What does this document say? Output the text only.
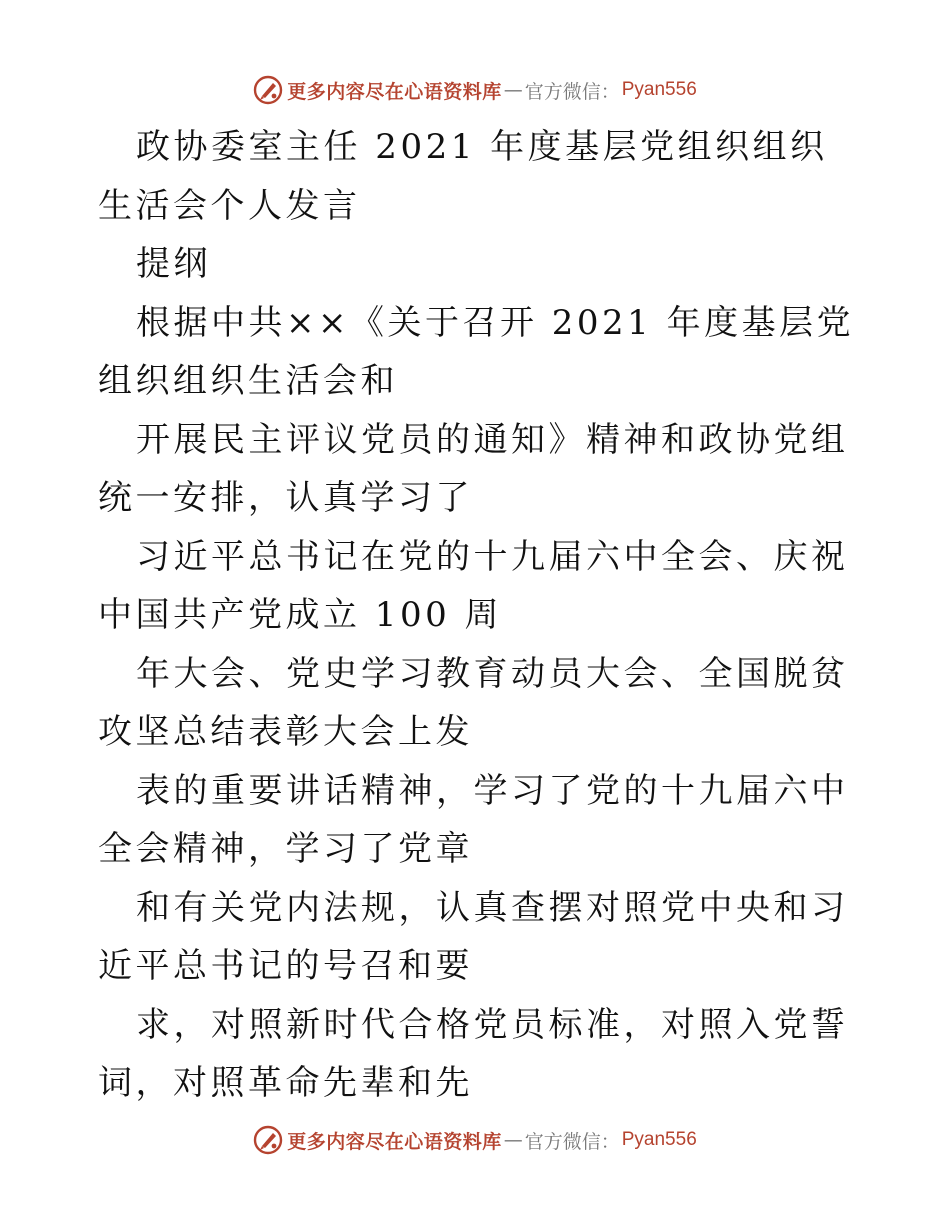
更多内容尽在心语资料库 — 官方微信： Pyan556

政协委室主任 2021 年度基层党组织组织生活会个人发言

提纲

根据中共××《关于召开 2021 年度基层党组织组织生活会和

开展民主评议党员的通知》精神和政协党组统一安排，认真学习了

习近平总书记在党的十九届六中全会、庆祝中国共产党成立 100 周

年大会、党史学习教育动员大会、全国脱贫攻坚总结表彰大会上发

表的重要讲话精神，学习了党的十九届六中全会精神，学习了党章

和有关党内法规，认真查摆对照党中央和习近平总书记的号召和要

求，对照新时代合格党员标准，对照入党誓词，对照革命先辈和先

更多内容尽在心语资料库 — 官方微信： Pyan556
